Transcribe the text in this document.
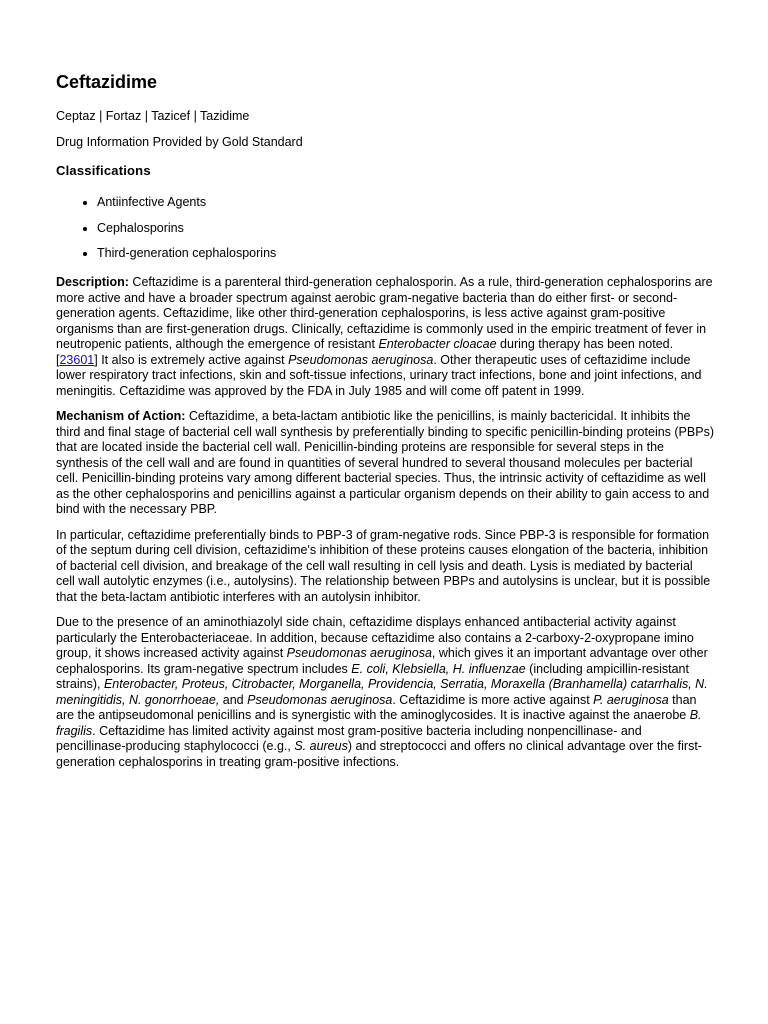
Ceftazidime
Ceptaz | Fortaz | Tazicef | Tazidime
Drug Information Provided by Gold Standard
Classifications
• Antiinfective Agents
• Cephalosporins
• Third-generation cephalosporins

Description: Ceftazidime is a parenteral third-generation cephalosporin. As a rule, third-generation cephalosporins are more active and have a broader spectrum against aerobic gram-negative bacteria than do either first- or second-generation agents. Ceftazidime, like other third-generation cephalosporins, is less active against gram-positive organisms than are first-generation drugs. Clinically, ceftazidime is commonly used in the empiric treatment of fever in neutropenic patients, although the emergence of resistant Enterobacter cloacae during therapy has been noted. [23601] It also is extremely active against Pseudomonas aeruginosa. Other therapeutic uses of ceftazidime include lower respiratory tract infections, skin and soft-tissue infections, urinary tract infections, bone and joint infections, and meningitis. Ceftazidime was approved by the FDA in July 1985 and will come off patent in 1999.

Mechanism of Action: Ceftazidime, a beta-lactam antibiotic like the penicillins, is mainly bactericidal. It inhibits the third and final stage of bacterial cell wall synthesis by preferentially binding to specific penicillin-binding proteins (PBPs) that are located inside the bacterial cell wall. Penicillin-binding proteins are responsible for several steps in the synthesis of the cell wall and are found in quantities of several hundred to several thousand molecules per bacterial cell. Penicillin-binding proteins vary among different bacterial species. Thus, the intrinsic activity of ceftazidime as well as the other cephalosporins and penicillins against a particular organism depends on their ability to gain access to and bind with the necessary PBP.

In particular, ceftazidime preferentially binds to PBP-3 of gram-negative rods. Since PBP-3 is responsible for formation of the septum during cell division, ceftazidime's inhibition of these proteins causes elongation of the bacteria, inhibition of bacterial cell division, and breakage of the cell wall resulting in cell lysis and death. Lysis is mediated by bacterial cell wall autolytic enzymes (i.e., autolysins). The relationship between PBPs and autolysins is unclear, but it is possible that the beta-lactam antibiotic interferes with an autolysin inhibitor.

Due to the presence of an aminothiazolyl side chain, ceftazidime displays enhanced antibacterial activity against particularly the Enterobacteriaceae. In addition, because ceftazidime also contains a 2-carboxy-2-oxypropane imino group, it shows increased activity against Pseudomonas aeruginosa, which gives it an important advantage over other cephalosporins. Its gram-negative spectrum includes E. coli, Klebsiella, H. influenzae (including ampicillin-resistant strains), Enterobacter, Proteus, Citrobacter, Morganella, Providencia, Serratia, Moraxella (Branhamella) catarrhalis, N. meningitidis, N. gonorrhoeae, and Pseudomonas aeruginosa. Ceftazidime is more active against P. aeruginosa than are the antipseudomonal penicillins and is synergistic with the aminoglycosides. It is inactive against the anaerobe B. fragilis. Ceftazidime has limited activity against most gram-positive bacteria including nonpencillinase- and pencillinase-producing staphylococci (e.g., S. aureus) and streptococci and offers no clinical advantage over the first-generation cephalosporins in treating gram-positive infections.
